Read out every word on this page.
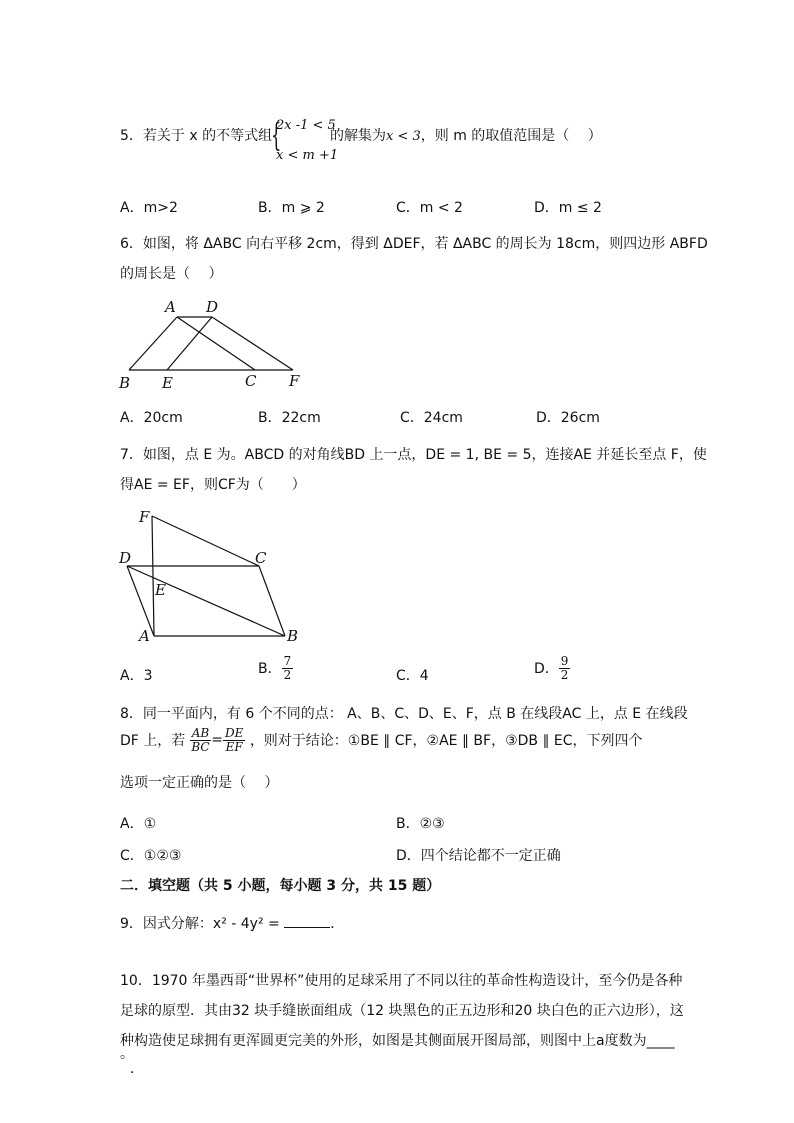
5．若关于 x 的不等式组
{
2x -1 < 5
x < m +1
的解集为x < 3，则 m 的取值范围是（　 ）
A．m>2	B．m ⩾ 2	C．m < 2	D．m ≤ 2
6．如图，将 ΔABC 向右平移 2cm，得到 ΔDEF，若 ΔABC 的周长为 18cm，则四边形 ABFD
的周长是（　 ）
A D
B E	C F
A．20cm	B．22cm	C．24cm	D．26cm
7．如图，点 E 为。ABCD 的对角线BD 上一点，DE = 1, BE = 5，连接AE 并延长至点 F，使
得AE = EF，则CF为（　　）
F
D	C
E
A	B
A．3	B． $\frac{7}{2}$	C．4	D． $\frac{9}{2}$
8．同一平面内，有 6 个不同的点： A、B、C、D、E、F，点 B 在线段AC 上，点 E 在线段
DF 上，若 $\frac{AB}{BC} = \frac{DE}{EF}$ ，则对于结论：①BE ∥ CF，②AE ∥ BF，③DB ∥ EC，下列四个
选项一定正确的是（　 ）
A．①	B．②③
C．①②③	D．四个结论都不一定正确
二．填空题（共 5 小题，每小题 3 分，共 15 题）
9．因式分解：x² - 4y² =	．
10．1970 年墨西哥“世界杯”使用的足球采用了不同以往的革命性构造设计，至今仍是各种
足球的原型．其由32 块手缝嵌面组成（12 块黑色的正五边形和20 块白色的正六边形），这
种构造使足球拥有更浑圆更完美的外形，如图是其侧面展开图局部，则图中上a度数为____
。
．
